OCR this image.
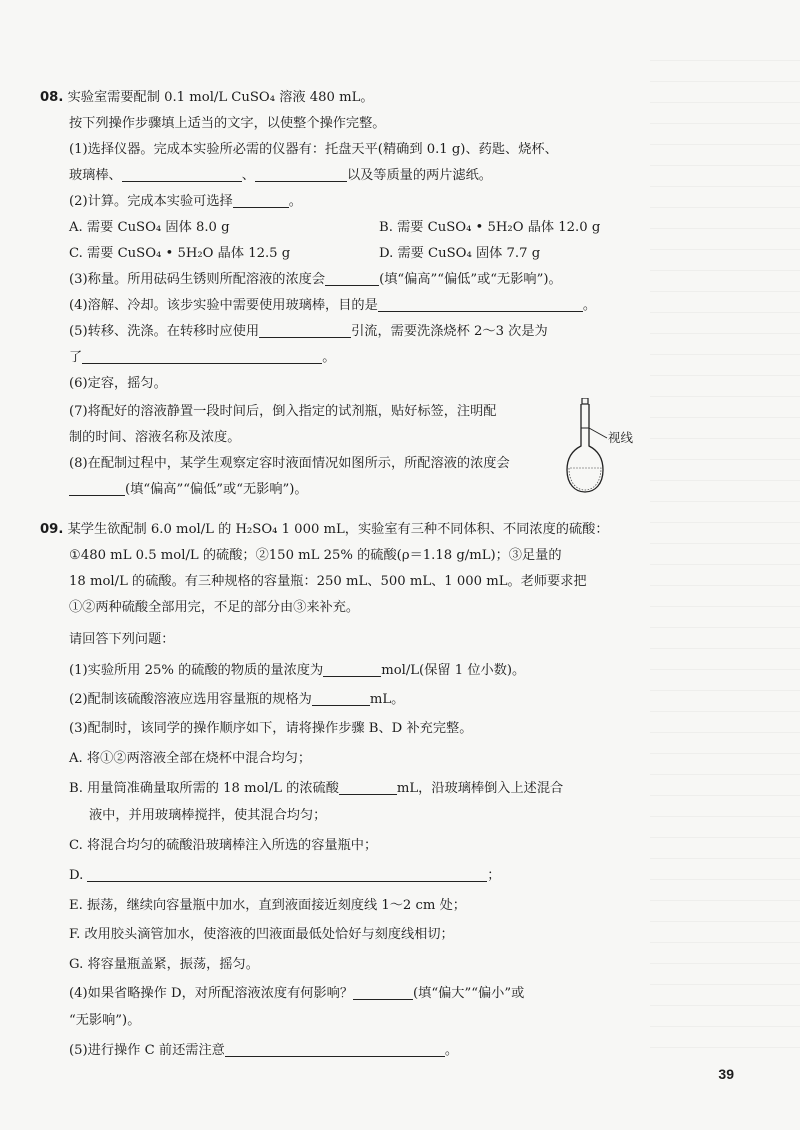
08. 实验室需要配制 0.1 mol/L CuSO₄ 溶液 480 mL。
按下列操作步骤填上适当的文字，以使整个操作完整。
(1)选择仪器。完成本实验所必需的仪器有：托盘天平(精确到 0.1 g)、药匙、烧杯、
玻璃棒、	、	以及等质量的两片滤纸。
(2)计算。完成本实验可选择	。
A. 需要 CuSO₄ 固体 8.0 g	B. 需要 CuSO₄ • 5H₂O 晶体 12.0 g
C. 需要 CuSO₄ • 5H₂O 晶体 12.5 g	D. 需要 CuSO₄ 固体 7.7 g
(3)称量。所用砝码生锈则所配溶液的浓度会	(填“偏高”“偏低”或“无影响”)。
(4)溶解、冷却。该步实验中需要使用玻璃棒，目的是	。
(5)转移、洗涤。在转移时应使用	引流，需要洗涤烧杯 2～3 次是为
了	。
(6)定容，摇匀。
(7)将配好的溶液静置一段时间后，倒入指定的试剂瓶，贴好标签，注明配
制的时间、溶液名称及浓度。
(8)在配制过程中，某学生观察定容时液面情况如图所示，所配溶液的浓度会
(填“偏高”“偏低”或“无影响”)。
视线
09. 某学生欲配制 6.0 mol/L 的 H₂SO₄ 1 000 mL，实验室有三种不同体积、不同浓度的硫酸：
①480 mL 0.5 mol/L 的硫酸；②150 mL 25% 的硫酸(ρ＝1.18 g/mL)；③足量的
18 mol/L 的硫酸。有三种规格的容量瓶：250 mL、500 mL、1 000 mL。老师要求把
①②两种硫酸全部用完，不足的部分由③来补充。
请回答下列问题：
(1)实验所用 25% 的硫酸的物质的量浓度为	mol/L(保留 1 位小数)。
(2)配制该硫酸溶液应选用容量瓶的规格为	mL。
(3)配制时，该同学的操作顺序如下，请将操作步骤 B、D 补充完整。
A. 将①②两溶液全部在烧杯中混合均匀；
B. 用量筒准确量取所需的 18 mol/L 的浓硫酸	mL，沿玻璃棒倒入上述混合
液中，并用玻璃棒搅拌，使其混合均匀；
C. 将混合均匀的硫酸沿玻璃棒注入所选的容量瓶中；
D.	；
E. 振荡，继续向容量瓶中加水，直到液面接近刻度线 1～2 cm 处；
F. 改用胶头滴管加水，使溶液的凹液面最低处恰好与刻度线相切；
G. 将容量瓶盖紧，振荡，摇匀。
(4)如果省略操作 D，对所配溶液浓度有何影响？	(填“偏大”“偏小”或
“无影响”)。
(5)进行操作 C 前还需注意	。
39
